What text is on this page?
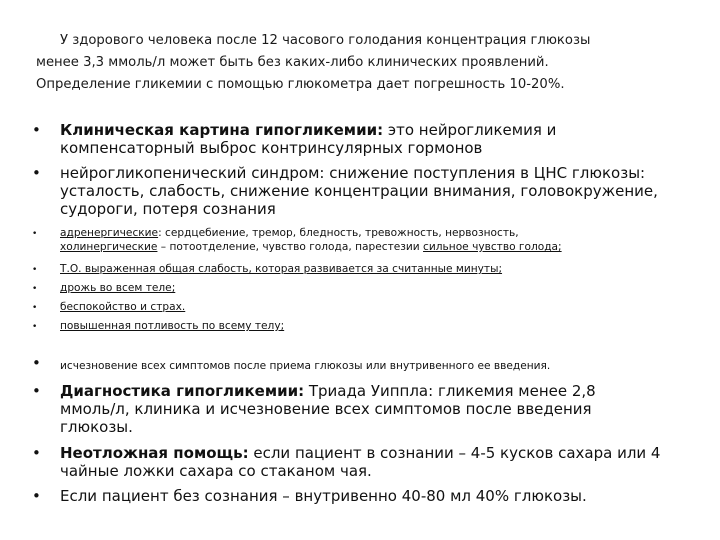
У здорового человека после 12 часового голодания концентрация глюкозы
менее 3,3 ммоль/л может быть без каких-либо клинических проявлений.
Определение гликемии с помощью глюкометра дает погрешность 10-20%.
• Клиническая картина гипогликемии: это нейрогликемия и
компенсаторный выброс контринсулярных гормонов
• нейрогликопенический синдром: снижение поступления в ЦНС глюкозы:
усталость, слабость, снижение концентрации внимания, головокружение,
судороги, потеря сознания
• адренергические: сердцебиение, тремор, бледность, тревожность, нервозность,
холинергические – потоотделение, чувство голода, парестезии сильное чувство голода;
• Т.О. выраженная общая слабость, которая развивается за считанные минуты;
• дрожь во всем теле;
• беспокойство и страх.
• повышенная потливость по всему телу;
• исчезновение всех симптомов после приема глюкозы или внутривенного ее введения.
• Диагностика гипогликемии: Триада Уиппла: гликемия менее 2,8
ммоль/л, клиника и исчезновение всех симптомов после введения
глюкозы.
• Неотложная помощь: если пациент в сознании – 4-5 кусков сахара или 4
чайные ложки сахара со стаканом чая.
• Если пациент без сознания – внутривенно 40-80 мл 40% глюкозы.
